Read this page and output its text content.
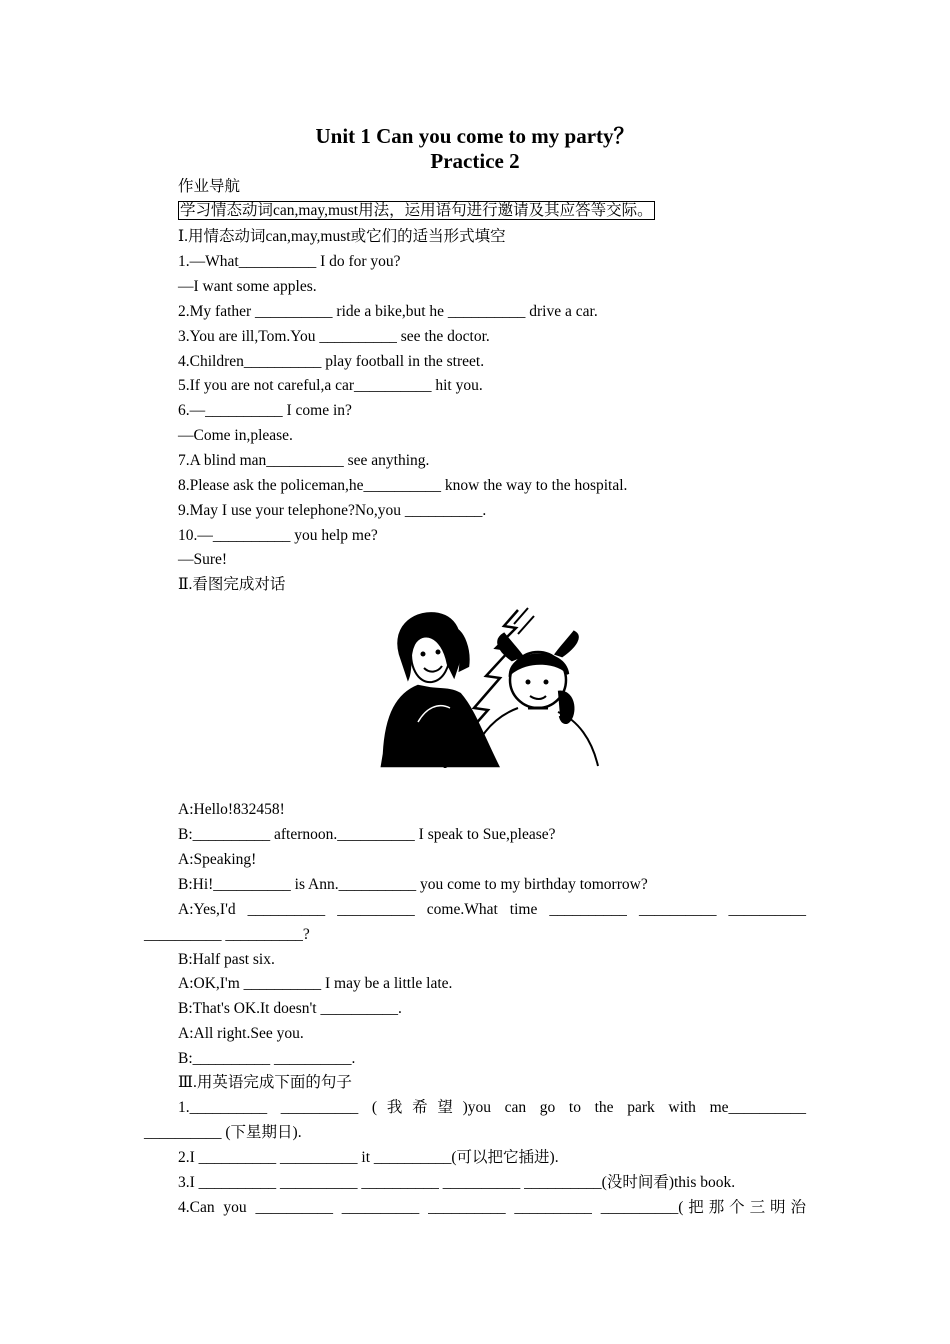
Unit 1 Can you come to my party？
Practice 2
作业导航
学习情态动词can,may,must用法，运用语句进行邀请及其应答等交际。
Ⅰ.用情态动词can,may,must或它们的适当形式填空
1.—What__________ I do for you?
—I want some apples.
2.My father __________ ride a bike,but he __________ drive a car.
3.You are ill,Tom.You __________ see the doctor.
4.Children__________ play football in the street.
5.If you are not careful,a car__________ hit you.
6.—__________ I come in?
—Come in,please.
7.A blind man__________ see anything.
8.Please ask the policeman,he__________ know the way to the hospital.
9.May I use your telephone?No,you __________.
10.—__________ you help me?
—Sure!
Ⅱ.看图完成对话
A:Hello!832458!
B:__________ afternoon.__________ I speak to Sue,please?
A:Speaking!
B:Hi!__________ is Ann.__________ you come to my birthday tomorrow?
A:Yes,I'd __________ __________ come.What time __________ __________ __________
__________ __________?
B:Half past six.
A:OK,I'm __________ I may be a little late.
B:That's OK.It doesn't __________.
A:All right.See you.
B:__________ __________.
Ⅲ.用英语完成下面的句子
1.__________ __________ (我希望)you can go to the park with me__________
__________ (下星期日).
2.I __________ __________ it __________(可以把它插进).
3.I __________ __________ __________ __________ __________(没时间看)this book.
4.Can you __________ __________ __________ __________ __________(把那个三明治
